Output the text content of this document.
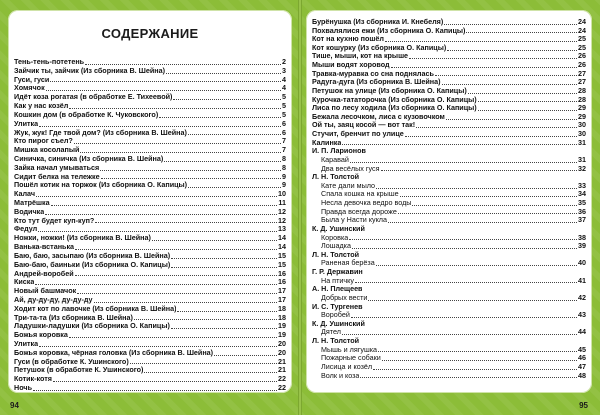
СОДЕРЖАНИЕ
Тень-тень-потетень	2
Зайчик ты, зайчик (Из сборника В. Шейна)	3
Гуси, гуси	4
Хомячок	4
Идёт коза рогатая (в обработке Е. Тихеевой)	5
Как у нас козёл	5
Кошкин дом (в обработке К. Чуковского)	5
Улитка	6
Жук, жук! Где твой дом? (Из сборника В. Шейна)	6
Кто пирог съел?	7
Мишка косолапый	7
Синичка, синичка (Из сборника В. Шейна)	8
Зайка начал умываться	8
Сидит белка на тележке	9
Пошёл котик на торжок (Из сборника О. Капицы)	9
Калач	10
Матрёшка	11
Водичка	12
Кто тут будет куп-куп?	12
Федул	13
Ножки, ножки! (Из сборника В. Шейна)	14
Ванька-встанька	14
Баю, баю, засыпаю (Из сборника В. Шейна)	15
Баю-баю, баиньки (Из сборника О. Капицы)	15
Андрей-воробей	16
Киска	16
Новый башмачок	17
Ай, ду-ду-ду, ду-ду-ду	17
Ходит кот по лавочке (Из сборника В. Шейна)	18
Три-та-та (Из сборника В. Шейна)	18
Ладушки-ладушки (Из сборника О. Капицы)	19
Божья коровка	19
Улитка	20
Божья коровка, чёрная головка (Из сборника В. Шейна)	20
Гуси (в обработке К. Ушинского)	21
Петушок (в обработке К. Ушинского)	21
Котик-котя	22
Ночь	22
Бурёнушка (Из сборника И. Кнебеля)	24
Похвалялися ежи (Из сборника О. Капицы)	24
Кот на кухню пошёл	25
Кот кошурку (Из сборника О. Капицы)	25
Тише, мыши, кот на крыше	26
Мыши водят хоровод	26
Травка-муравка со сна поднялась	27
Радуга-дуга (Из сборника В. Шейна)	27
Петушок на улице (Из сборника О. Капицы)	28
Курочка-тататорочка (Из сборника О. Капицы)	28
Лиса по лесу ходила (Из сборника О. Капицы)	29
Бежала лесочком, лиса с кузовочком	29
Ой ты, заяц косой — вот так!	30
Стучит, бренчит по улице	30
Калинка	31
И. П. Ларионов
Каравай	31
Два весёлых гуся	32
Л. Н. Толстой
Кате дали мыло	33
Спала кошка на крыше	34
Несла девочка ведро воды	35
Правда всегда дороже	36
Была у Насти кукла	37
К. Д. Ушинский
Коровка	38
Лошадка	39
Л. Н. Толстой
Раненая берёза	40
Г. Р. Державин
На птичку	41
А. Н. Плещеев
Добрых вести	42
И. С. Тургенев
Воробей	43
К. Д. Ушинский
Дятел	44
Л. Н. Толстой
Мышь и лягушка	45
Пожарные собаки	46
Лисица и козёл	47
Волк и коза	48
94	95
